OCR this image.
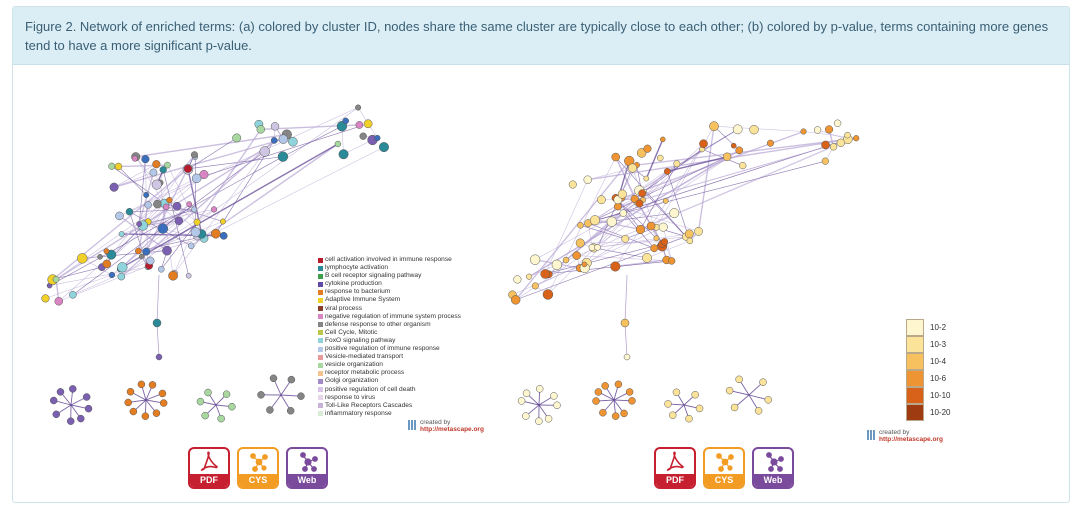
Figure 2. Network of enriched terms: (a) colored by cluster ID, nodes share the same cluster are typically close to each other; (b) colored by p-value, terms containing more genes tend to have a more significant p-value.
cell activation involved in immune response
lymphocyte activation
B cell receptor signaling pathway
cytokine production
response to bacterium
Adaptive Immune System
viral process
negative regulation of immune system process
defense response to other organism
Cell Cycle, Mitotic
FoxO signaling pathway
positive regulation of immune response
Vesicle-mediated transport
vesicle organization
receptor metabolic process
Golgi organization
positive regulation of cell death
response to virus
Toll-Like Receptors Cascades
inflammatory response
created by
http://metascape.org	created by
http://metascape.org
10-2
10-3
10-4
10-6
10-10
10-20
PDF	CYS	Web	PDF	CYS	Web
